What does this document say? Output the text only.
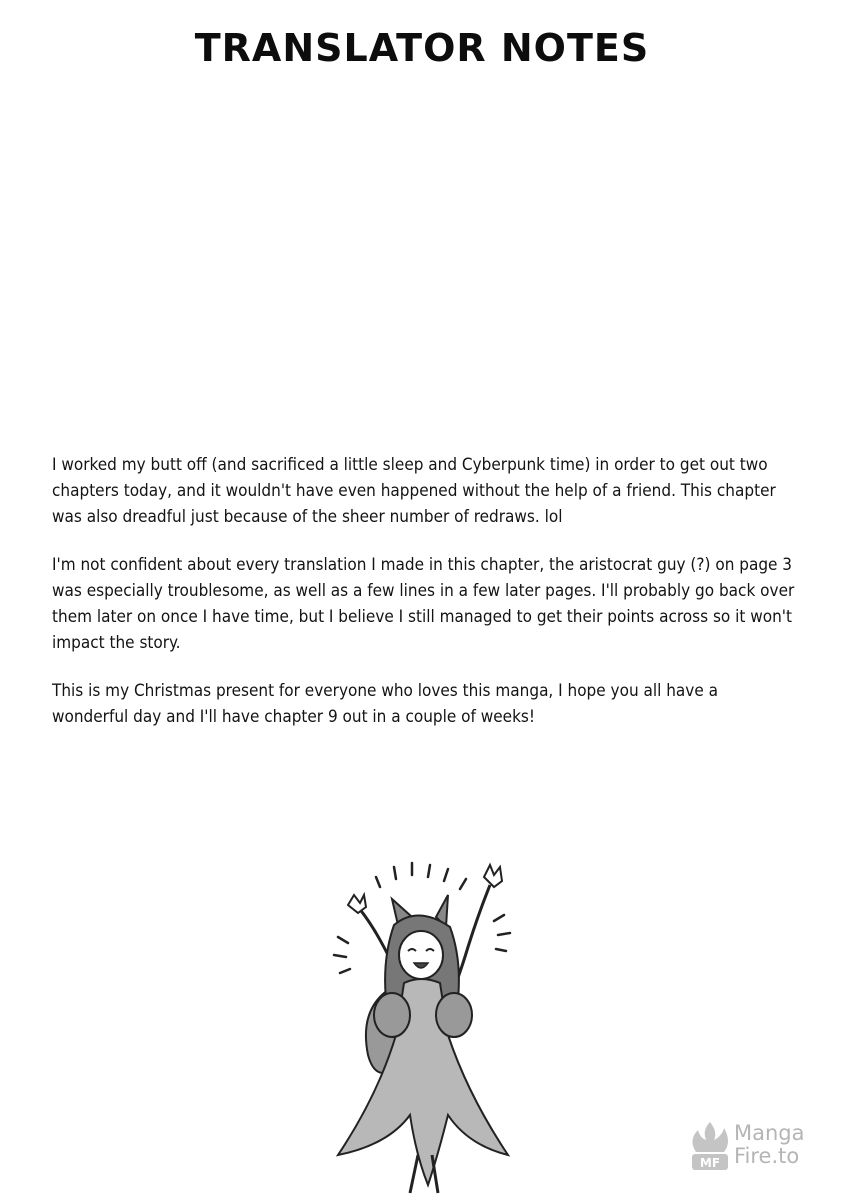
TRANSLATOR NOTES

I worked my butt off (and sacrificed a little sleep and Cyberpunk time) in order to get out two chapters today, and it wouldn't have even happened without the help of a friend. This chapter was also dreadful just because of the sheer number of redraws. lol

I'm not confident about every translation I made in this chapter, the aristocrat guy (?) on page 3 was especially troublesome, as well as a few lines in a few later pages. I'll probably go back over them later on once I have time, but I believe I still managed to get their points across so it won't impact the story.

This is my Christmas present for everyone who loves this manga, I hope you all have a wonderful day and I'll have chapter 9 out in a couple of weeks!

MF
Manga
Fire.to
